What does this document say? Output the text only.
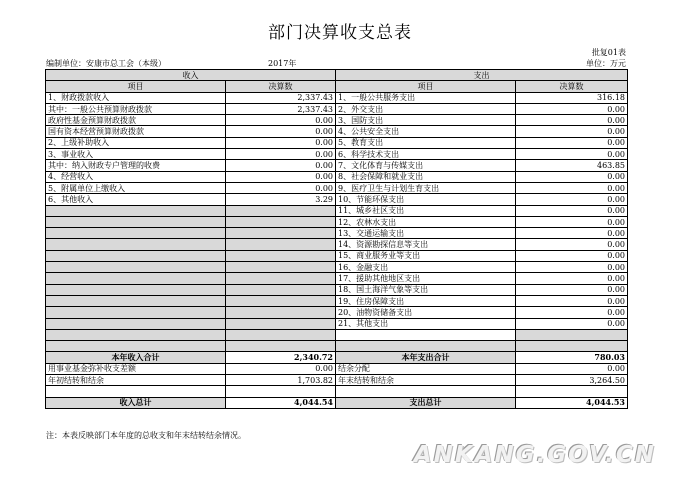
部门决算收支总表
批复01表
编制单位：安康市总工会（本级）	2017年	单位：万元
收入		支出	
项目	决算数	项目	决算数
1、财政拨款收入	2,337.43	1、一般公共服务支出	316.18
其中：一般公共预算财政拨款	2,337.43	2、外交支出	0.00
政府性基金预算财政拨款	0.00	3、国防支出	0.00
国有资本经营预算财政拨款	0.00	4、公共安全支出	0.00
2、上级补助收入	0.00	5、教育支出	0.00
3、事业收入	0.00	6、科学技术支出	0.00
其中：纳入财政专户管理的收费	0.00	7、文化体育与传媒支出	463.85
4、经营收入	0.00	8、社会保障和就业支出	0.00
5、附属单位上缴收入	0.00	9、医疗卫生与计划生育支出	0.00
6、其他收入	3.29	10、节能环保支出	0.00
		11、城乡社区支出	0.00
		12、农林水支出	0.00
		13、交通运输支出	0.00
		14、资源勘探信息等支出	0.00
		15、商业服务业等支出	0.00
		16、金融支出	0.00
		17、援助其他地区支出	0.00
		18、国土海洋气象等支出	0.00
		19、住房保障支出	0.00
		20、油物资储备支出	0.00
		21、其他支出	0.00

本年收入合计	2,340.72	本年支出合计	780.03
用事业基金弥补收支差额	0.00	结余分配	0.00
年初结转和结余	1,703.82	年末结转和结余	3,264.50

收入总计	4,044.54	支出总计	4,044.53
注：本表反映部门本年度的总收支和年末结转结余情况。
ANKANG.GOV.CN
